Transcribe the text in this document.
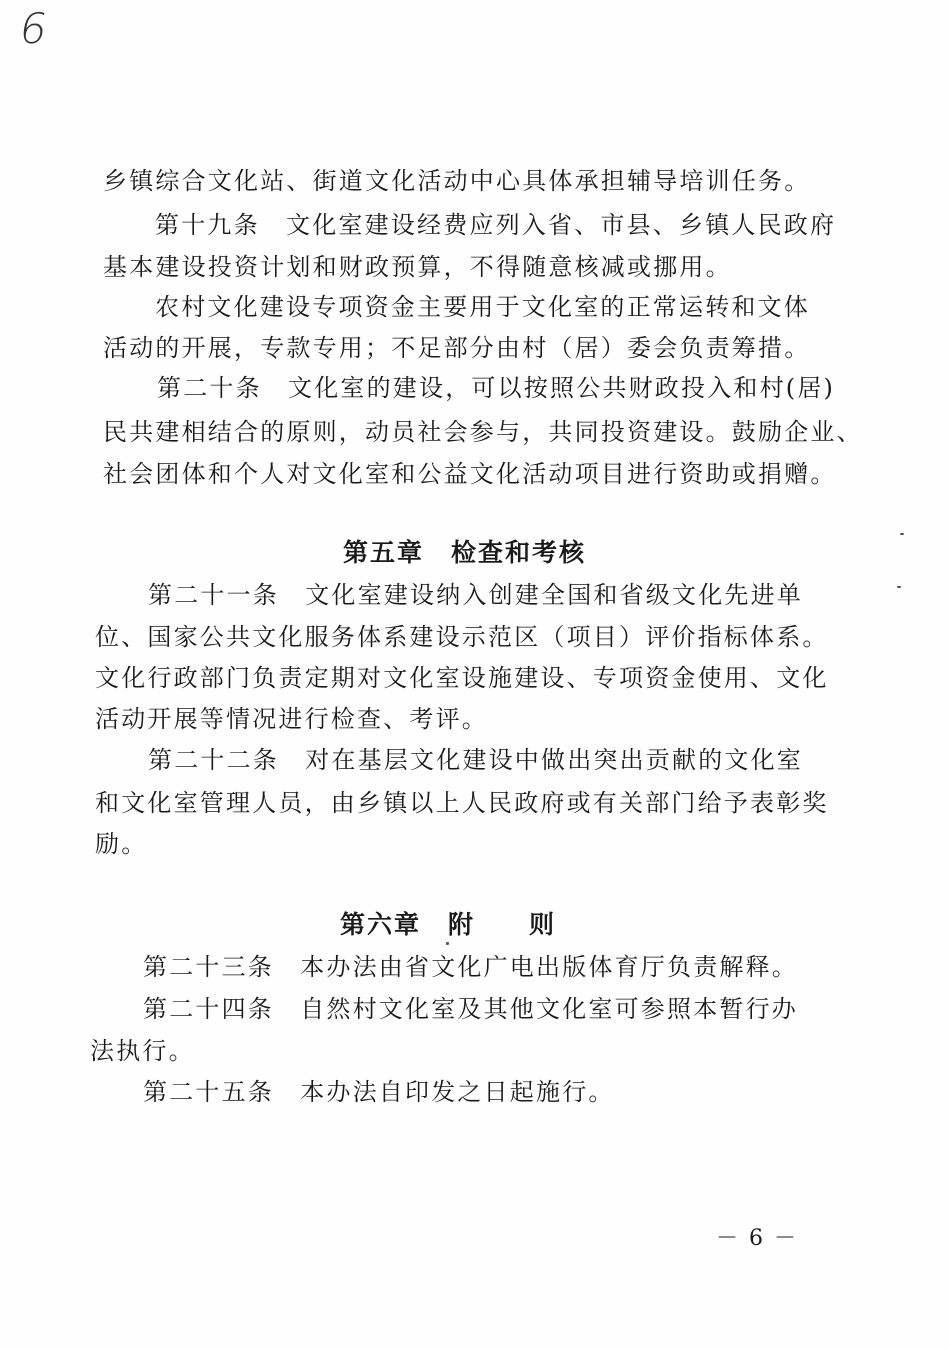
6
乡镇综合文化站、街道文化活动中心具体承担辅导培训任务。
第十九条　文化室建设经费应列入省、市县、乡镇人民政府
基本建设投资计划和财政预算，不得随意核减或挪用。
农村文化建设专项资金主要用于文化室的正常运转和文体
活动的开展，专款专用；不足部分由村（居）委会负责筹措。
第二十条　文化室的建设，可以按照公共财政投入和村(居)
民共建相结合的原则，动员社会参与，共同投资建设。鼓励企业、
社会团体和个人对文化室和公益文化活动项目进行资助或捐赠。
第五章　检查和考核
第二十一条　文化室建设纳入创建全国和省级文化先进单
位、国家公共文化服务体系建设示范区（项目）评价指标体系。
文化行政部门负责定期对文化室设施建设、专项资金使用、文化
活动开展等情况进行检查、考评。
第二十二条　对在基层文化建设中做出突出贡献的文化室
和文化室管理人员，由乡镇以上人民政府或有关部门给予表彰奖
励。
第六章　附　　则
第二十三条　本办法由省文化广电出版体育厅负责解释。
第二十四条　自然村文化室及其他文化室可参照本暂行办
法执行。
第二十五条　本办法自印发之日起施行。
－ 6 －
